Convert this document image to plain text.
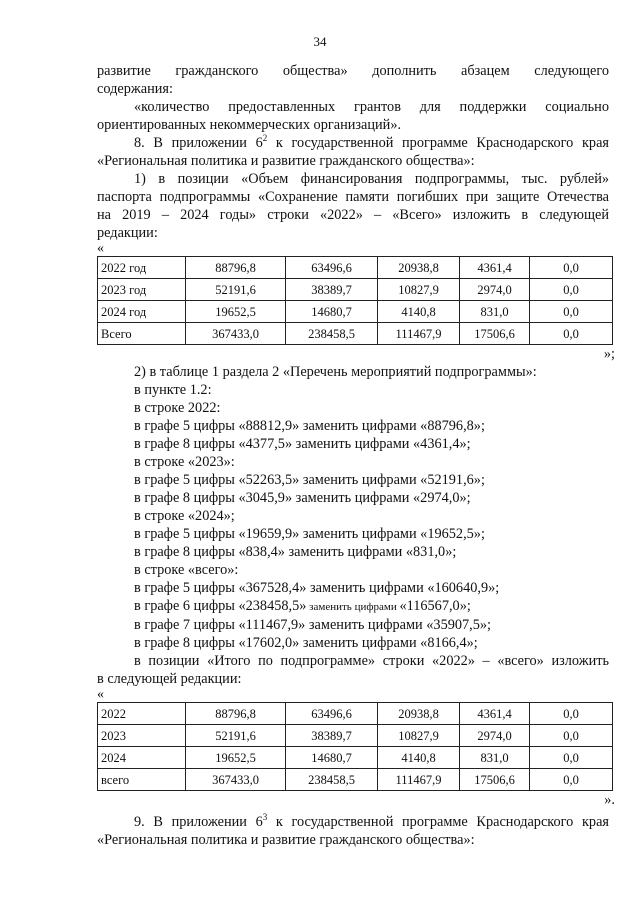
34

развитие гражданского общества» дополнить абзацем следующего

содержания:

«количество предоставленных грантов для поддержки социально

ориентированных некоммерческих организаций».

8. В приложении $6^2$ к государственной программе Краснодарского края

«Региональная политика и развитие гражданского общества»:

1) в позиции «Объем финансирования подпрограммы, тыс. рублей»

паспорта подпрограммы «Сохранение памяти погибших при защите Отечества

на 2019 – 2024 годы» строки «2022» – «Всего» изложить в следующей

редакции:

«

2022 год	88796,8	63496,6	20938,8	4361,4	0,0
2023 год	52191,6	38389,7	10827,9	2974,0	0,0
2024 год	19652,5	14680,7	4140,8	831,0	0,0
Всего	367433,0	238458,5	111467,9	17506,6	0,0

»;

2) в таблице 1 раздела 2 «Перечень мероприятий подпрограммы»:

в пункте 1.2:

в строке 2022:

в графе 5 цифры «88812,9» заменить цифрами «88796,8»;

в графе 8 цифры «4377,5» заменить цифрами «4361,4»;

в строке «2023»:

в графе 5 цифры «52263,5» заменить цифрами «52191,6»;

в графе 8 цифры «3045,9» заменить цифрами «2974,0»;

в строке «2024»;

в графе 5 цифры «19659,9» заменить цифрами «19652,5»;

в графе 8 цифры «838,4» заменить цифрами «831,0»;

в строке «всего»:

в графе 5 цифры «367528,4» заменить цифрами «160640,9»;

в графе 6 цифры «238458,5» заменить цифрами «116567,0»;

в графе 7 цифры «111467,9» заменить цифрами «35907,5»;

в графе 8 цифры «17602,0» заменить цифрами «8166,4»;

в позиции «Итого по подпрограмме» строки «2022» – «всего» изложить

в следующей редакции:

«

2022	88796,8	63496,6	20938,8	4361,4	0,0
2023	52191,6	38389,7	10827,9	2974,0	0,0
2024	19652,5	14680,7	4140,8	831,0	0,0
всего	367433,0	238458,5	111467,9	17506,6	0,0

».

9. В приложении $6^3$ к государственной программе Краснодарского края

«Региональная политика и развитие гражданского общества»:
